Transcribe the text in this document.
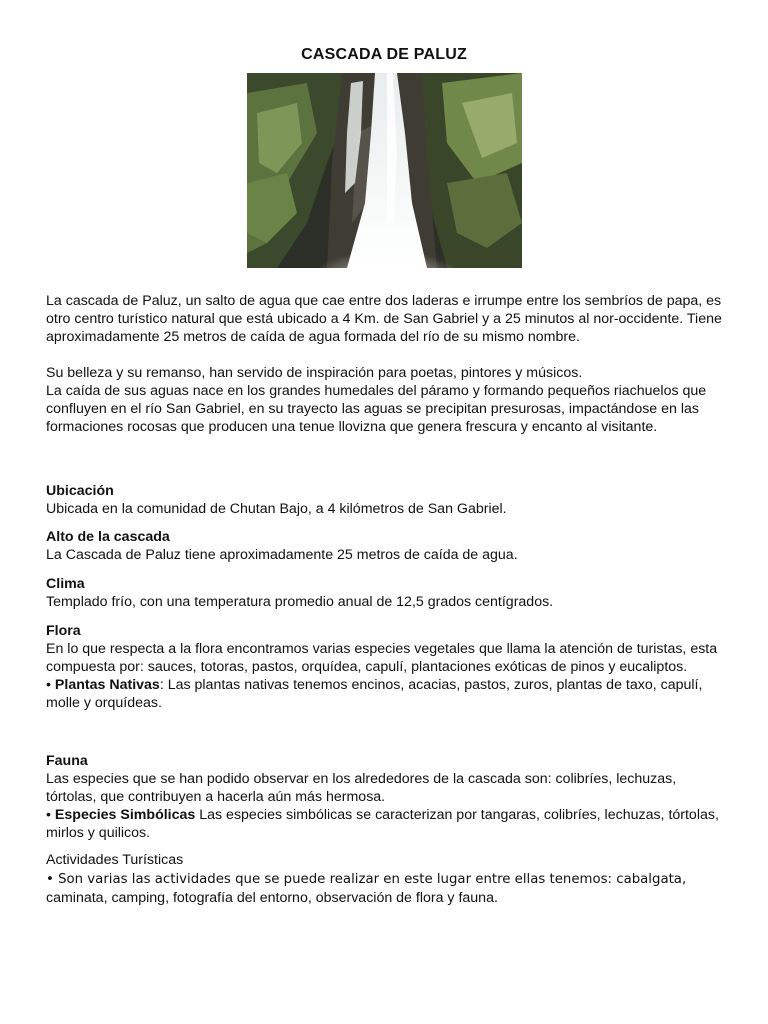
CASCADA DE PALUZ

La cascada de Paluz, un salto de agua que cae entre dos laderas e irrumpe entre los sembríos de papa, es otro centro turístico natural que está ubicado a 4 Km. de San Gabriel y a 25 minutos al nor-occidente. Tiene aproximadamente 25 metros de caída de agua formada del río de su mismo nombre.

Su belleza y su remanso, han servido de inspiración para poetas, pintores y músicos.

La caída de sus aguas nace en los grandes humedales del páramo y formando pequeños riachuelos que confluyen en el río San Gabriel, en su trayecto las aguas se precipitan presurosas, impactándose en las formaciones rocosas que producen una tenue llovizna que genera frescura y encanto al visitante.

Ubicación

Ubicada en la comunidad de Chutan Bajo, a 4 kilómetros de San Gabriel.

Alto de la cascada

La Cascada de Paluz tiene aproximadamente 25 metros de caída de agua.

Clima

Templado frío, con una temperatura promedio anual de 12,5 grados centígrados.

Flora

En lo que respecta a la flora encontramos varias especies vegetales que llama la atención de turistas, esta compuesta por: sauces, totoras, pastos, orquídea, capulí, plantaciones exóticas de pinos y eucaliptos.

• Plantas Nativas: Las plantas nativas tenemos encinos, acacias, pastos, zuros, plantas de taxo, capulí, molle y orquídeas.

Fauna

Las especies que se han podido observar en los alrededores de la cascada son: colibríes, lechuzas, tórtolas, que contribuyen a hacerla aún más hermosa.

• Especies Simbólicas Las especies simbólicas se caracterizan por tangaras, colibríes, lechuzas, tórtolas, mirlos y quilicos.

Actividades Turísticas

• Son varias las actividades que se puede realizar en este lugar entre ellas tenemos: cabalgata,

caminata, camping, fotografía del entorno, observación de flora y fauna.
